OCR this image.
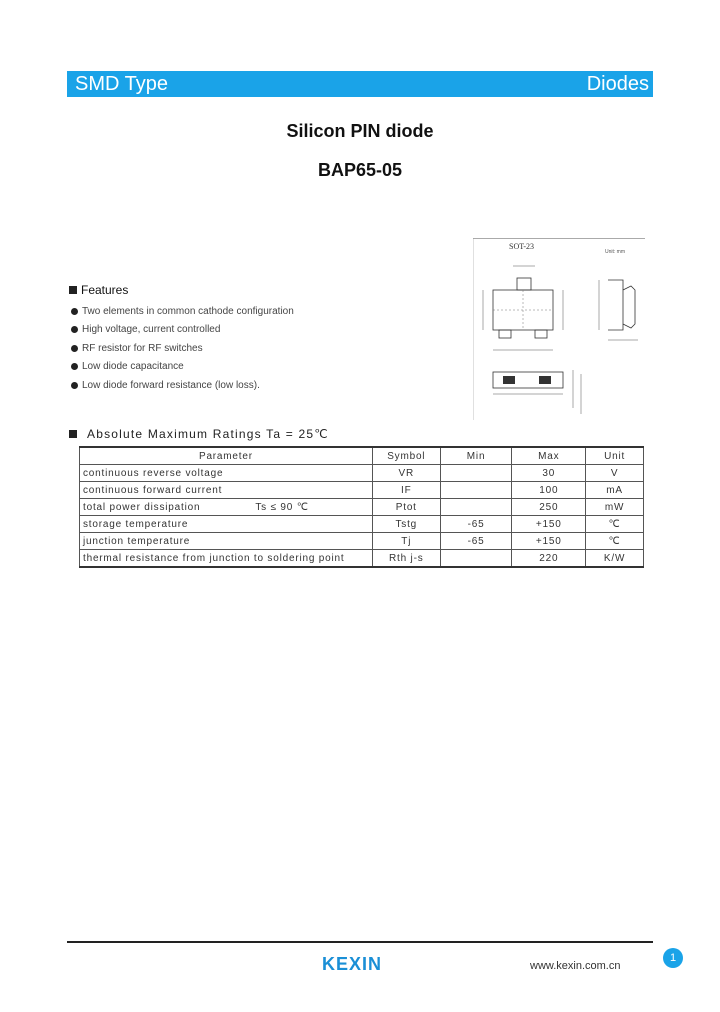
SMD Type	Diodes
Silicon PIN diode
BAP65-05
SOT-23
Unit: mm
Features
Two elements in common cathode configuration
High voltage, current controlled
RF resistor for RF switches
Low diode capacitance
Low diode forward resistance (low loss).
Absolute Maximum Ratings Ta = 25℃
Parameter	Symbol	Min	Max	Unit
continuous reverse voltage	VR		30	V
continuous forward current	IF		100	mA
total power dissipation Ts ≤ 90 ℃	Ptot		250	mW
storage temperature	Tstg	-65	+150	℃
junction temperature	Tj	-65	+150	℃
thermal resistance from junction to soldering point	Rth j-s		220	K/W
KEXIN	www.kexin.com.cn
1
